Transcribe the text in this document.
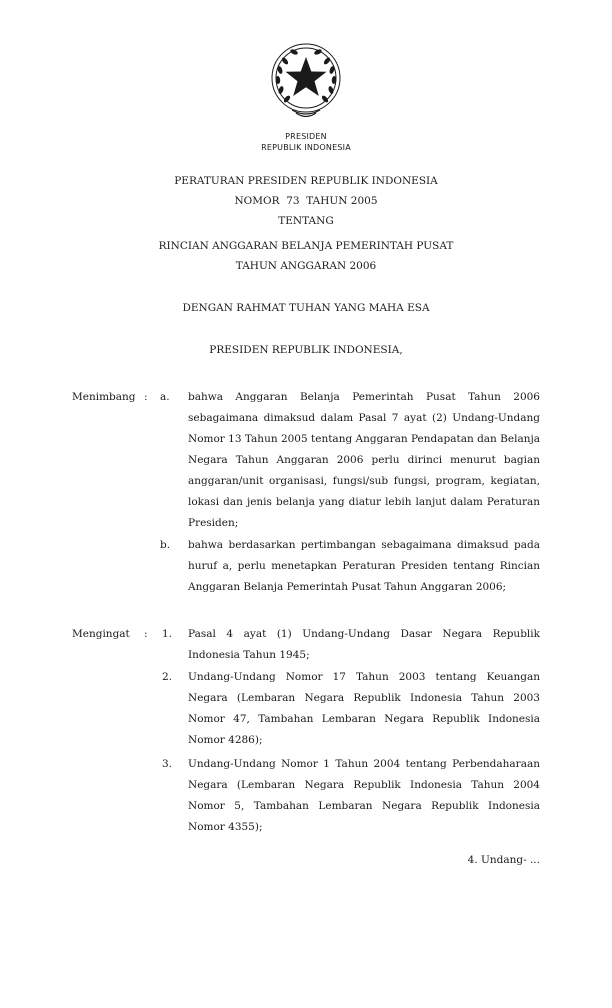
PRESIDEN
REPUBLIK INDONESIA
PERATURAN PRESIDEN REPUBLIK INDONESIA
NOMOR  73  TAHUN 2005
TENTANG
RINCIAN ANGGARAN BELANJA PEMERINTAH PUSAT
TAHUN ANGGARAN 2006
DENGAN RAHMAT TUHAN YANG MAHA ESA
PRESIDEN REPUBLIK INDONESIA,
Menimbang : a. bahwa Anggaran Belanja Pemerintah Pusat Tahun 2006 sebagaimana dimaksud dalam Pasal 7 ayat (2) Undang-Undang Nomor 13 Tahun 2005 tentang Anggaran Pendapatan dan Belanja Negara Tahun Anggaran 2006 perlu dirinci menurut bagian anggaran/unit organisasi, fungsi/sub fungsi, program, kegiatan, lokasi dan jenis belanja yang diatur lebih lanjut dalam Peraturan Presiden;
b. bahwa berdasarkan pertimbangan sebagaimana dimaksud pada huruf a, perlu menetapkan Peraturan Presiden tentang Rincian Anggaran Belanja Pemerintah Pusat Tahun Anggaran 2006;
Mengingat : 1. Pasal 4 ayat (1) Undang-Undang Dasar Negara Republik Indonesia Tahun 1945;
2. Undang-Undang Nomor 17 Tahun 2003 tentang Keuangan Negara (Lembaran Negara Republik Indonesia Tahun 2003 Nomor 47, Tambahan Lembaran Negara Republik Indonesia Nomor 4286);
3. Undang-Undang Nomor 1 Tahun 2004 tentang Perbendaharaan Negara (Lembaran Negara Republik Indonesia Tahun 2004 Nomor 5, Tambahan Lembaran Negara Republik Indonesia Nomor 4355);
4. Undang- ...
